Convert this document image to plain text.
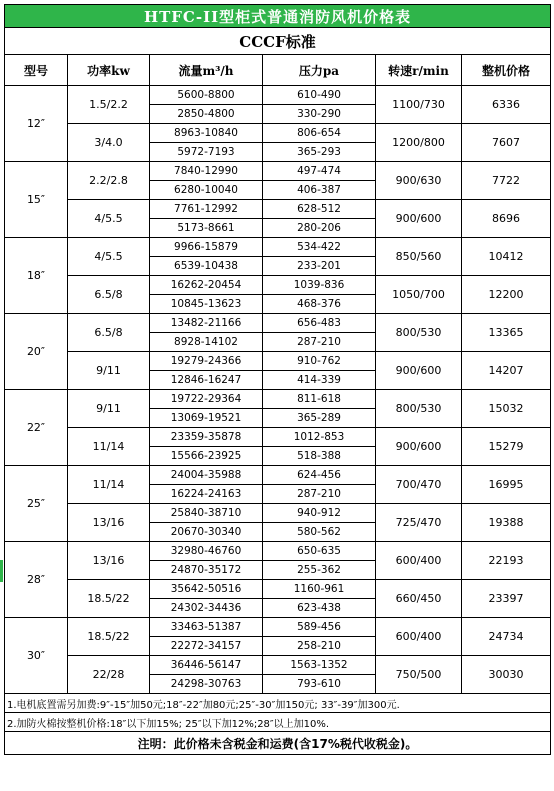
HTFC-II型柜式普通消防风机价格表					
CCCF标准					
型号	功率kw	流量m³/h	压力pa	转速r/min	整机价格
12″	1.5/2.2	5600-8800	610-490	1100/730	6336
		2850-4800	330-290		
	3/4.0	8963-10840	806-654	1200/800	7607
		5972-7193	365-293		
15″	2.2/2.8	7840-12990	497-474	900/630	7722
		6280-10040	406-387		
	4/5.5	7761-12992	628-512	900/600	8696
		5173-8661	280-206		
18″	4/5.5	9966-15879	534-422	850/560	10412
		6539-10438	233-201		
	6.5/8	16262-20454	1039-836	1050/700	12200
		10845-13623	468-376		
20″	6.5/8	13482-21166	656-483	800/530	13365
		8928-14102	287-210		
	9/11	19279-24366	910-762	900/600	14207
		12846-16247	414-339		
22″	9/11	19722-29364	811-618	800/530	15032
		13069-19521	365-289		
	11/14	23359-35878	1012-853	900/600	15279
		15566-23925	518-388		
25″	11/14	24004-35988	624-456	700/470	16995
		16224-24163	287-210		
	13/16	25840-38710	940-912	725/470	19388
		20670-30340	580-562		
28″	13/16	32980-46760	650-635	600/400	22193
		24870-35172	255-362		
	18.5/22	35642-50516	1160-961	660/450	23397
		24302-34436	623-438		
30″	18.5/22	33463-51387	589-456	600/400	24734
		22272-34157	258-210		
	22/28	36446-56147	1563-1352	750/500	30030
		24298-30763	793-610		
1.电机底置需另加费:9″-15″加50元;18″-22″加80元;25″-30″加150元; 33″-39″加300元.					
2.加防火棉按整机价格:18″以下加15%; 25″以下加12%;28″以上加10%.					
注明：此价格未含税金和运费(含17%税代收税金)。					
